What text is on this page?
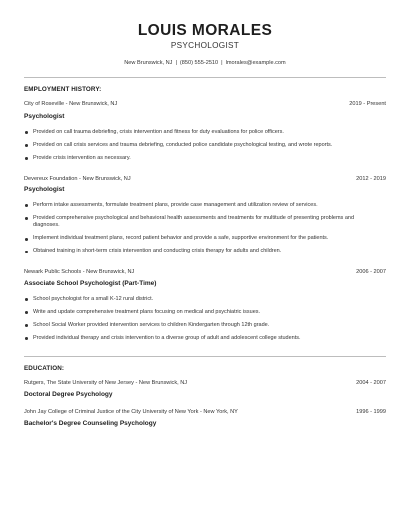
LOUIS MORALES
PSYCHOLOGIST
New Brunswick, NJ | (850) 555-2510 | lmorales@example.com
EMPLOYMENT HISTORY:
City of Roseville - New Brunswick, NJ	2019 - Present
Psychologist
Provided on call trauma debriefing, crisis intervention and fitness for duty evaluations for police officers.
Provided on call crisis services and trauma debriefing, conducted police candidate psychological testing, and wrote reports.
Provide crisis intervention as necessary.
Devereux Foundation - New Brunswick, NJ	2012 - 2019
Psychologist
Perform intake assessments, formulate treatment plans, provide case management and utilization review of services.
Provided comprehensive psychological and behavioral health assessments and treatments for multitude of presenting problems and diagnoses.
Implement individual treatment plans, record patient behavior and provide a safe, supportive environment for the patients.
Obtained training in short-term crisis intervention and conducting crisis therapy for adults and children.
Newark Public Schools - New Brunswick, NJ	2006 - 2007
Associate School Psychologist (Part-Time)
School psychologist for a small K-12 rural district.
Write and update comprehensive treatment plans focusing on medical and psychiatric issues.
School Social Worker provided intervention services to children Kindergarten through 12th grade.
Provided individual therapy and crisis intervention to a diverse group of adult and adolescent college students.
EDUCATION:
Rutgers, The State University of New Jersey - New Brunswick, NJ	2004 - 2007
Doctoral Degree Psychology
John Jay College of Criminal Justice of the City University of New York - New York, NY	1996 - 1999
Bachelor's Degree Counseling Psychology
